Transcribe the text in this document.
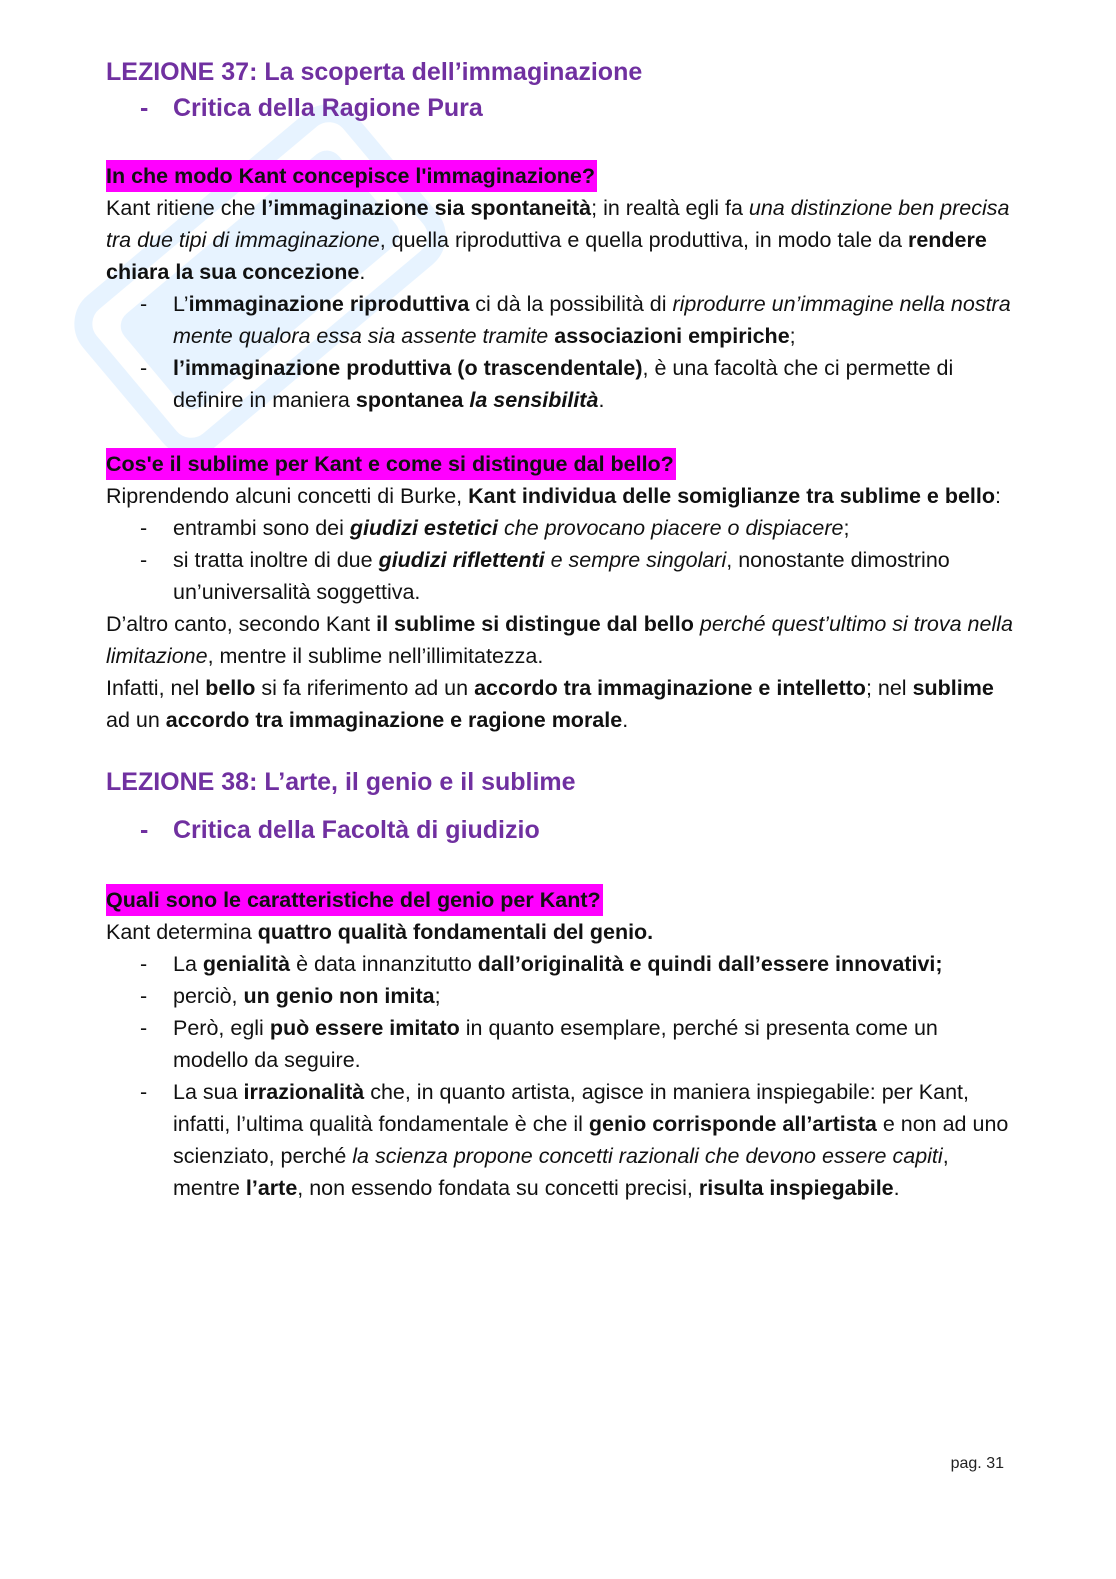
LEZIONE 37: La scoperta dell’immaginazione
- Critica della Ragione Pura
In che modo Kant concepisce l'immaginazione?

Kant ritiene che l’immaginazione sia spontaneità; in realtà egli fa una distinzione ben precisa tra due tipi di immaginazione, quella riproduttiva e quella produttiva, in modo tale da rendere chiara la sua concezione.

-	L’immaginazione riproduttiva ci dà la possibilità di riprodurre un’immagine nella nostra mente qualora essa sia assente tramite associazioni empiriche;
-	l’immaginazione produttiva (o trascendentale), è una facoltà che ci permette di definire in maniera spontanea la sensibilità.
Cos'e il sublime per Kant e come si distingue dal bello?

Riprendendo alcuni concetti di Burke, Kant individua delle somiglianze tra sublime e bello:

-	entrambi sono dei giudizi estetici che provocano piacere o dispiacere;
-	si tratta inoltre di due giudizi riflettenti e sempre singolari, nonostante dimostrino un’universalità soggettiva.

D’altro canto, secondo Kant il sublime si distingue dal bello perché quest’ultimo si trova nella limitazione, mentre il sublime nell’illimitatezza.

Infatti, nel bello si fa riferimento ad un accordo tra immaginazione e intelletto; nel sublime ad un accordo tra immaginazione e ragione morale.

LEZIONE 38: L’arte, il genio e il sublime
- Critica della Facoltà di giudizio
Quali sono le caratteristiche del genio per Kant?

Kant determina quattro qualità fondamentali del genio.

-	La genialità è data innanzitutto dall’originalità e quindi dall’essere innovativi;
-	perciò, un genio non imita;
-	Però, egli può essere imitato in quanto esemplare, perché si presenta come un modello da seguire.
-	La sua irrazionalità che, in quanto artista, agisce in maniera inspiegabile: per Kant, infatti, l’ultima qualità fondamentale è che il genio corrisponde all’artista e non ad uno scienziato, perché la scienza propone concetti razionali che devono essere capiti, mentre l’arte, non essendo fondata su concetti precisi, risulta inspiegabile.
pag. 31
